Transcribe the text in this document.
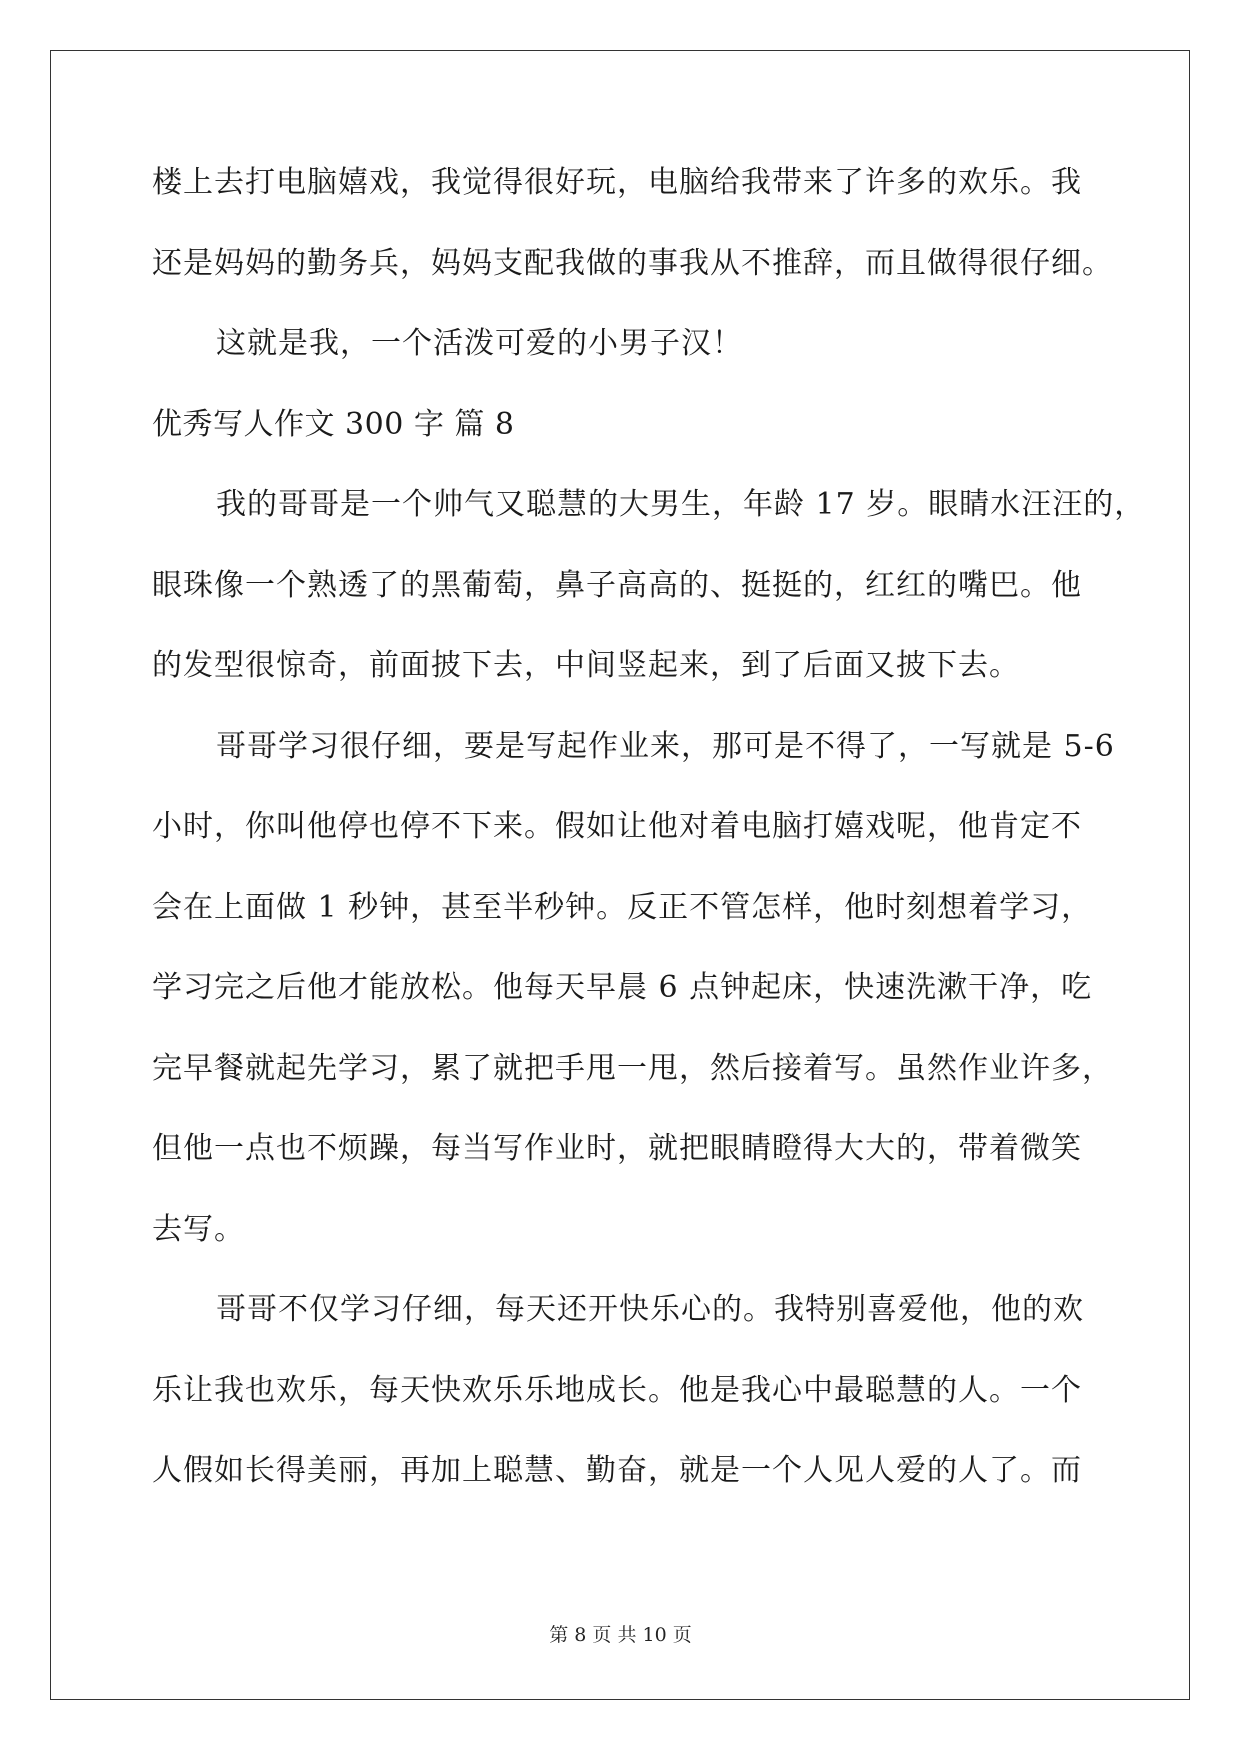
楼上去打电脑嬉戏，我觉得很好玩，电脑给我带来了许多的欢乐。我
还是妈妈的勤务兵，妈妈支配我做的事我从不推辞，而且做得很仔细。
这就是我，一个活泼可爱的小男子汉！
优秀写人作文 300 字 篇 8
我的哥哥是一个帅气又聪慧的大男生，年龄 17 岁。眼睛水汪汪的，
眼珠像一个熟透了的黑葡萄，鼻子高高的、挺挺的，红红的嘴巴。他
的发型很惊奇，前面披下去，中间竖起来，到了后面又披下去。
哥哥学习很仔细，要是写起作业来，那可是不得了，一写就是 5-6
小时，你叫他停也停不下来。假如让他对着电脑打嬉戏呢，他肯定不
会在上面做 1 秒钟，甚至半秒钟。反正不管怎样，他时刻想着学习，
学习完之后他才能放松。他每天早晨 6 点钟起床，快速洗漱干净，吃
完早餐就起先学习，累了就把手甩一甩，然后接着写。虽然作业许多，
但他一点也不烦躁，每当写作业时，就把眼睛瞪得大大的，带着微笑
去写。
哥哥不仅学习仔细，每天还开快乐心的。我特别喜爱他，他的欢
乐让我也欢乐，每天快欢乐乐地成长。他是我心中最聪慧的人。一个
人假如长得美丽，再加上聪慧、勤奋，就是一个人见人爱的人了。而
第 8 页 共 10 页
